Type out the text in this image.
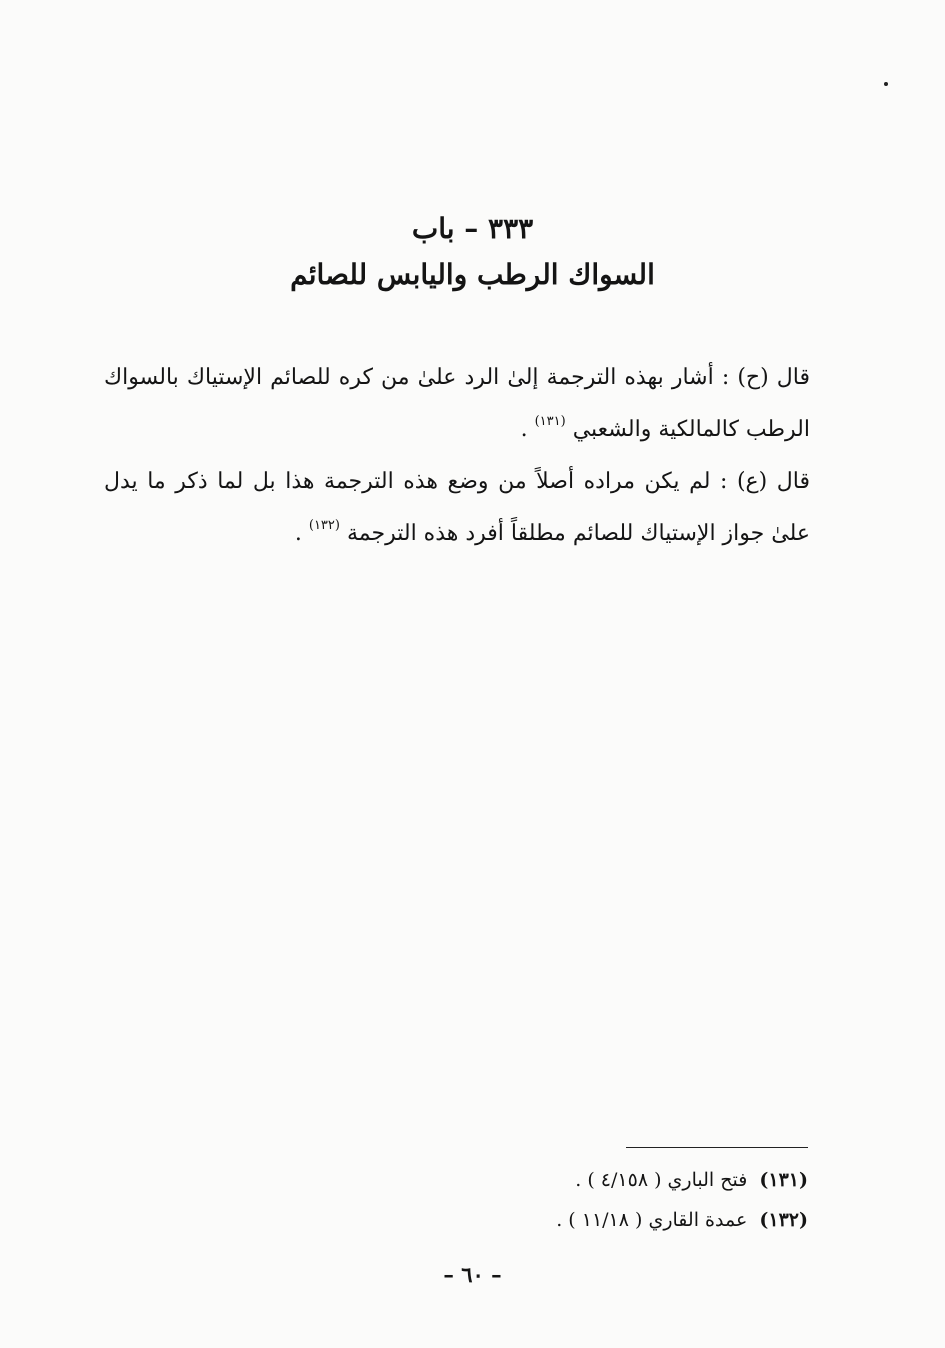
٣٣٣ – باب
السواك الرطب واليابس للصائم

قال (ح) : أشار بهذه الترجمة إلىٰ الرد علىٰ من كره للصائم الإستياك بالسواك الرطب كالمالكية والشعبي $^{(١٣١)}$ .

قال (ع) : لم يكن مراده أصلاً من وضع هذه الترجمة هذا بل لما ذكر ما يدل علىٰ جواز الإستياك للصائم مطلقاً أفرد هذه الترجمة $^{(١٣٢)}$ .

(١٣١)  فتح الباري ( ٤/١٥٨ ) .
(١٣٢)  عمدة القاري ( ١١/١٨ ) .
– ٦٠ –
